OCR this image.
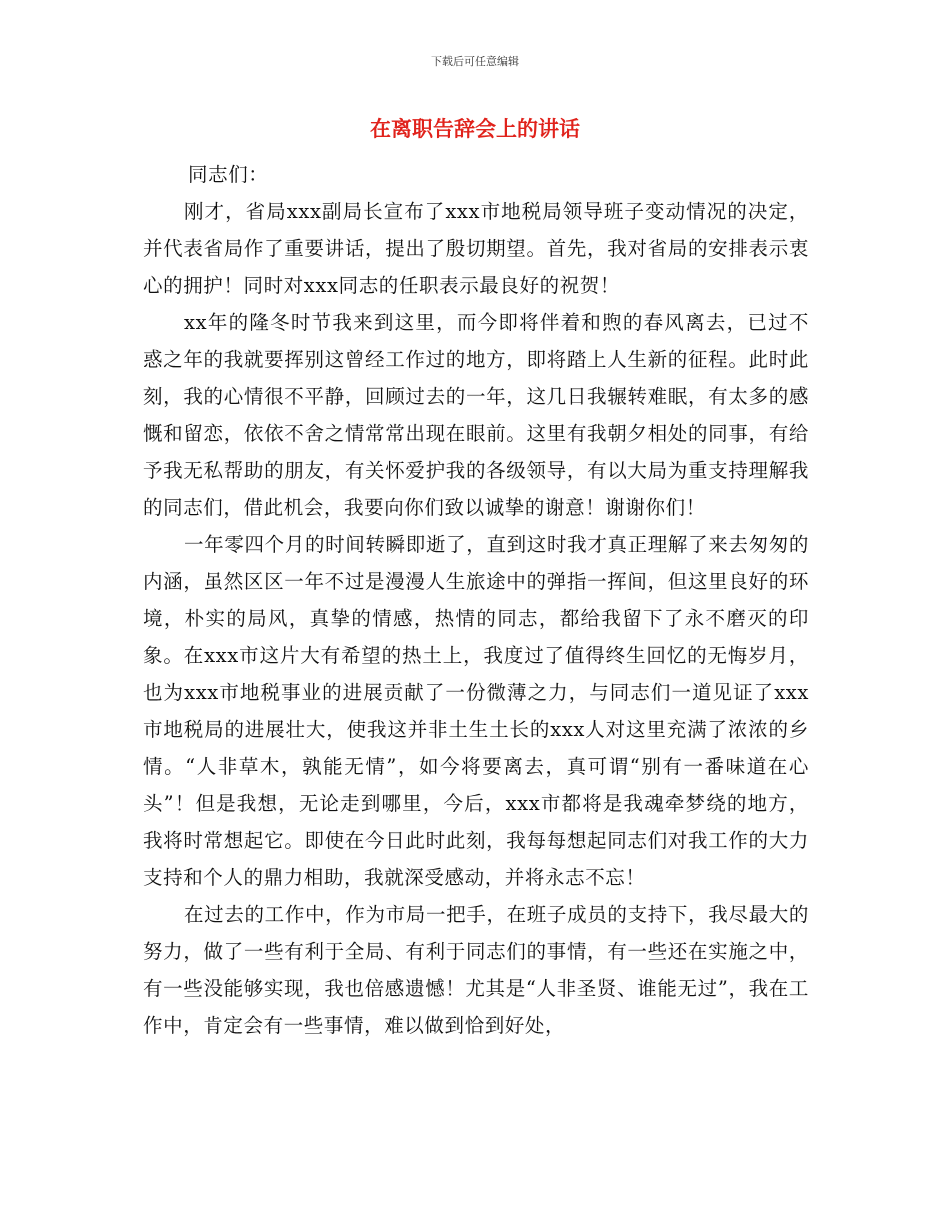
下载后可任意编辑
在离职告辞会上的讲话

同志们：

刚才，省局xxx副局长宣布了xxx市地税局领导班子变动情况的决定，并代表省局作了重要讲话，提出了殷切期望。首先，我对省局的安排表示衷心的拥护！同时对xxx同志的任职表示最良好的祝贺！

xx年的隆冬时节我来到这里，而今即将伴着和煦的春风离去，已过不惑之年的我就要挥别这曾经工作过的地方，即将踏上人生新的征程。此时此刻，我的心情很不平静，回顾过去的一年，这几日我辗转难眠，有太多的感慨和留恋，依依不舍之情常常出现在眼前。这里有我朝夕相处的同事，有给予我无私帮助的朋友，有关怀爱护我的各级领导，有以大局为重支持理解我的同志们，借此机会，我要向你们致以诚挚的谢意！谢谢你们！

一年零四个月的时间转瞬即逝了，直到这时我才真正理解了来去匆匆的内涵，虽然区区一年不过是漫漫人生旅途中的弹指一挥间，但这里良好的环境，朴实的局风，真挚的情感，热情的同志，都给我留下了永不磨灭的印象。在xxx市这片大有希望的热土上，我度过了值得终生回忆的无悔岁月，也为xxx市地税事业的进展贡献了一份微薄之力，与同志们一道见证了xxx市地税局的进展壮大，使我这并非土生土长的xxx人对这里充满了浓浓的乡情。“人非草木，孰能无情”，如今将要离去，真可谓“别有一番味道在心头”！但是我想，无论走到哪里，今后，xxx市都将是我魂牵梦绕的地方，我将时常想起它。即使在今日此时此刻，我每每想起同志们对我工作的大力支持和个人的鼎力相助，我就深受感动，并将永志不忘！

在过去的工作中，作为市局一把手，在班子成员的支持下，我尽最大的努力，做了一些有利于全局、有利于同志们的事情，有一些还在实施之中，有一些没能够实现，我也倍感遗憾！尤其是“人非圣贤、谁能无过”，我在工作中，肯定会有一些事情，难以做到恰到好处，
